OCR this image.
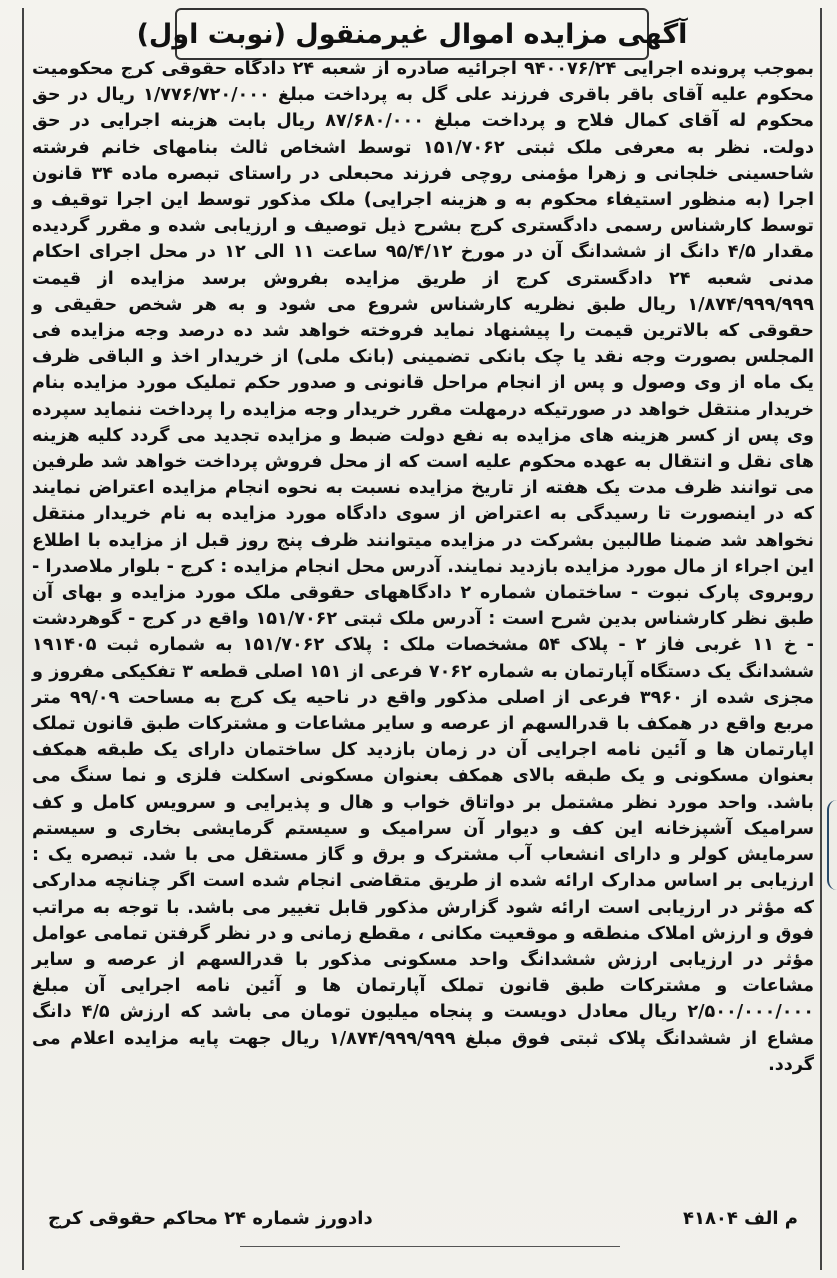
آگهی مزایده اموال غیرمنقول (نوبت اول)

بموجب پرونده اجرایی ۹۴۰۰۷۶/۲۴ اجرائیه صادره از شعبه ۲۴ دادگاه حقوقی کرج محکومیت محکوم علیه آقای باقر باقری فرزند علی گل به پرداخت مبلغ ۱/۷۷۶/۷۲۰/۰۰۰ ریال در حق محکوم له آقای کمال فلاح و پرداخت مبلغ ۸۷/۶۸۰/۰۰۰ ریال بابت هزینه اجرایی در حق دولت. نظر به معرفی ملک ثبتی ۱۵۱/۷۰۶۲ توسط اشخاص ثالث بنامهای خانم فرشته شاحسینی خلجانی و زهرا مؤمنی روچی فرزند محبعلی در راستای تبصره ماده ۳۴ قانون اجرا (به منظور استیفاء محکوم به و هزینه اجرایی) ملک مذکور توسط این اجرا توقیف و توسط کارشناس رسمی دادگستری کرج بشرح ذیل توصیف و ارزیابی شده و مقرر گردیده مقدار ۴/۵ دانگ از ششدانگ آن در مورخ ۹۵/۴/۱۲ ساعت ۱۱ الی ۱۲ در محل اجرای احکام مدنی شعبه ۲۴ دادگستری کرج از طریق مزایده بفروش برسد مزایده از قیمت ۱/۸۷۴/۹۹۹/۹۹۹ ریال طبق نظریه کارشناس شروع می شود و به هر شخص حقیقی و حقوقی که بالاترین قیمت را پیشنهاد نماید فروخته خواهد شد ده درصد وجه مزایده فی المجلس بصورت وجه نقد یا چک بانکی تضمینی (بانک ملی) از خریدار اخذ و الباقی ظرف یک ماه از وی وصول و پس از انجام مراحل قانونی و صدور حکم تملیک مورد مزایده بنام خریدار منتقل خواهد در صورتیکه درمهلت مقرر خریدار وجه مزایده را پرداخت ننماید سپرده وی پس از کسر هزینه های مزایده به نفع دولت ضبط و مزایده تجدید می گردد کلیه هزینه های نقل و انتقال به عهده محکوم علیه است که از محل فروش پرداخت خواهد شد طرفین می توانند ظرف مدت یک هفته از تاریخ مزایده نسبت به نحوه انجام مزایده اعتراض نمایند که در اینصورت تا رسیدگی به اعتراض از سوی دادگاه مورد مزایده به نام خریدار منتقل نخواهد شد ضمنا طالبین بشرکت در مزایده میتوانند ظرف پنج روز قبل از مزایده با اطلاع این اجراء از مال مورد مزایده بازدید نمایند. آدرس محل انجام مزایده : کرج - بلوار ملاصدرا - روبروی پارک نبوت - ساختمان شماره ۲ دادگاههای حقوقی ملک مورد مزایده و بهای آن طبق نظر کارشناس بدین شرح است : آدرس ملک ثبتی ۱۵۱/۷۰۶۲ واقع در کرج - گوهردشت - خ ۱۱ غربی فاز ۲ - پلاک ۵۴ مشخصات ملک : پلاک ۱۵۱/۷۰۶۲ به شماره ثبت ۱۹۱۴۰۵ ششدانگ یک دستگاه آپارتمان به شماره ۷۰۶۲ فرعی از ۱۵۱ اصلی قطعه ۳ تفکیکی مفروز و مجزی شده از ۳۹۶۰ فرعی از اصلی مذکور واقع در ناحیه یک کرج به مساحت ۹۹/۰۹ متر مربع واقع در همکف با قدرالسهم از عرصه و سایر مشاعات و مشترکات طبق قانون تملک اپارتمان ها و آئین نامه اجرایی آن در زمان بازدید کل ساختمان دارای یک طبقه همکف بعنوان مسکونی و یک طبقه بالای همکف بعنوان مسکونی اسکلت فلزی و نما سنگ می باشد. واحد مورد نظر مشتمل بر دواتاق خواب و هال و پذیرایی و سرویس کامل و کف سرامیک آشپزخانه این کف و دیوار آن سرامیک و سیستم گرمایشی بخاری و سیستم سرمایش کولر و دارای انشعاب آب مشترک و برق و گاز مستقل می با شد. تبصره یک : ارزیابی بر اساس مدارک ارائه شده از طریق متقاضی انجام شده است اگر چنانچه مدارکی که مؤثر در ارزیابی است ارائه شود گزارش مذکور قابل تغییر می باشد. با توجه به مراتب فوق و ارزش املاک منطقه و موقعیت مکانی ، مقطع زمانی و در نظر گرفتن تمامی عوامل مؤثر در ارزیابی ارزش ششدانگ واحد مسکونی مذکور با قدرالسهم از عرصه و سایر مشاعات و مشترکات طبق قانون تملک آپارتمان ها و آئین نامه اجرایی آن مبلغ ۲/۵۰۰/۰۰۰/۰۰۰ ریال معادل دویست و پنجاه میلیون تومان می باشد که ارزش ۴/۵ دانگ مشاع از ششدانگ پلاک ثبتی فوق مبلغ ۱/۸۷۴/۹۹۹/۹۹۹ ریال جهت پایه مزایده اعلام می گردد.

م الف ۴۱۸۰۴
دادورز شماره ۲۴ محاکم حقوقی کرج
